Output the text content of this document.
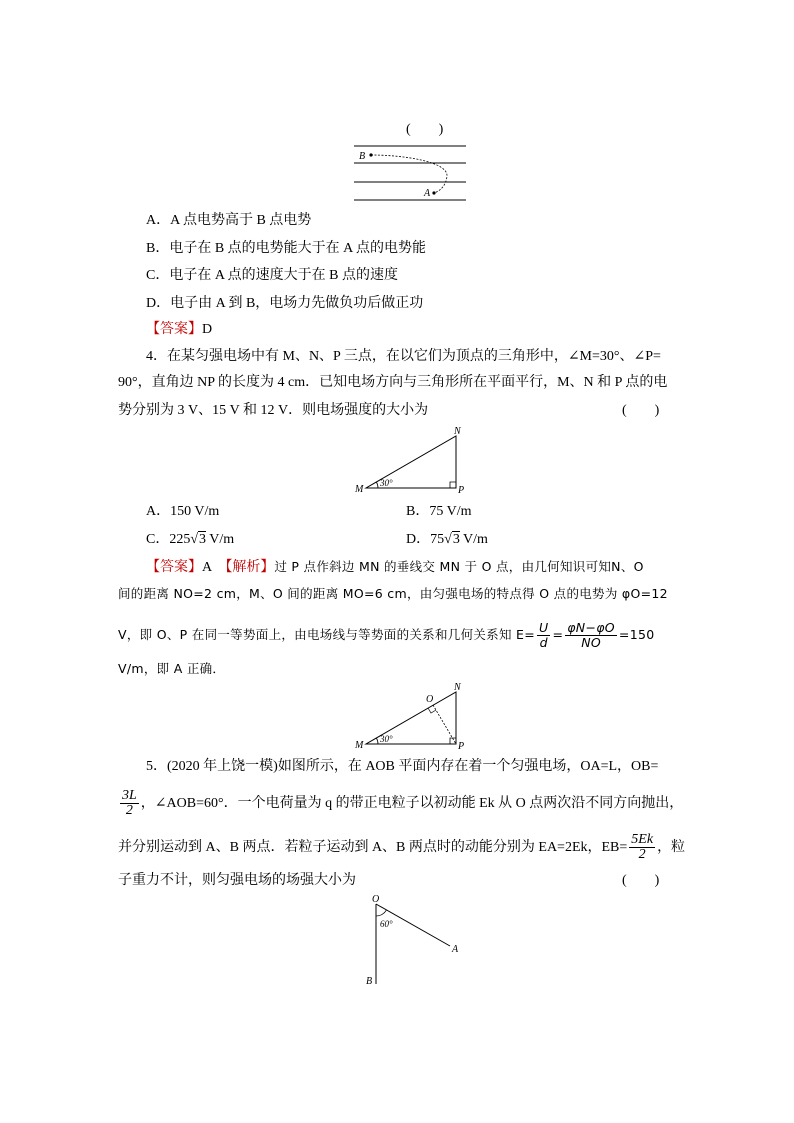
(　　)
B
A
A．A 点电势高于 B 点电势
B．电子在 B 点的电势能大于在 A 点的电势能
C．电子在 A 点的速度大于在 B 点的速度
D．电子由 A 到 B，电场力先做负功后做正功
【答案】D
4．在某匀强电场中有 M、N、P 三点，在以它们为顶点的三角形中，∠M=30°、∠P=
90°，直角边 NP 的长度为 4 cm．已知电场方向与三角形所在平面平行，M、N 和 P 点的电
势分别为 3 V、15 V 和 12 V．则电场强度的大小为	(　　)
M
N
P
30°
A．150 V/m	B．75 V/m
C．225√3 V/m	D．75√3 V/m
【答案】A　 【解析】过 P 点作斜边 MN 的垂线交 MN 于 O 点，由几何知识可知N、O
间的距离 NO=2 cm，M、O 间的距离 MO=6 cm，由匀强电场的特点得 O 点的电势为 φO=12
V，即 O、P 在同一等势面上，由电场线与等势面的关系和几何关系知 $E= \frac{U}{d} = \frac{\varphi N-\varphi O}{NO} =150$
V/m，即 A 正确．
M
N
P
O
30°
5．(2020 年上饶一模)如图所示，在 AOB 平面内存在着一个匀强电场，OA=L，OB=
$\frac{3L}{2}$ ，∠AOB=60°．一个电荷量为 q 的带正电粒子以初动能 Ek 从 O 点两次沿不同方向抛出，
并分别运动到 A、B 两点．若粒子运动到 A、B 两点时的动能分别为 EA=2Ek，$EB= \frac{5Ek}{2}$ ，粒
子重力不计，则匀强电场的场强大小为	(　　)
O
A
B
60°
